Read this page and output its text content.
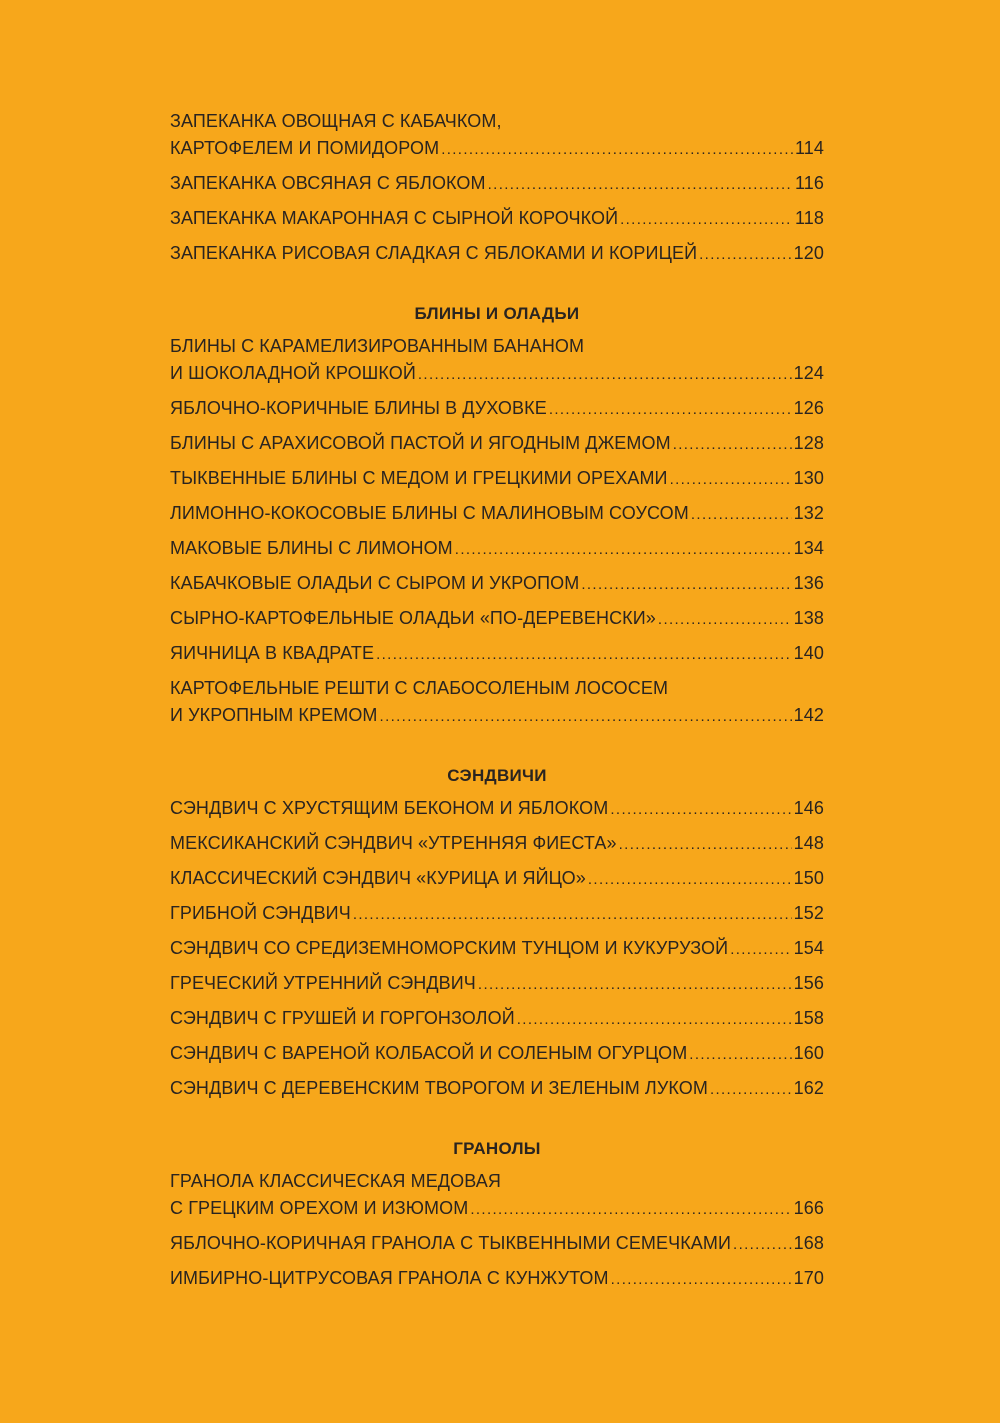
ЗАПЕКАНКА ОВОЩНАЯ С КАБАЧКОМ,
КАРТОФЕЛЕМ И ПОМИДОРОМ . . .	114
ЗАПЕКАНКА ОВСЯНАЯ С ЯБЛОКОМ . . .	116
ЗАПЕКАНКА МАКАРОННАЯ С СЫРНОЙ КОРОЧКОЙ . . .	118
ЗАПЕКАНКА РИСОВАЯ СЛАДКАЯ С ЯБЛОКАМИ И КОРИЦЕЙ . . .	120
БЛИНЫ И ОЛАДЬИ
БЛИНЫ С КАРАМЕЛИЗИРОВАННЫМ БАНАНОМ
И ШОКОЛАДНОЙ КРОШКОЙ . . .	124
ЯБЛОЧНО-КОРИЧНЫЕ БЛИНЫ В ДУХОВКЕ . . .	126
БЛИНЫ С АРАХИСОВОЙ ПАСТОЙ И ЯГОДНЫМ ДЖЕМОМ . . .	128
ТЫКВЕННЫЕ БЛИНЫ С МЕДОМ И ГРЕЦКИМИ ОРЕХАМИ . . .	130
ЛИМОННО-КОКОСОВЫЕ БЛИНЫ С МАЛИНОВЫМ СОУСОМ . . .	132
МАКОВЫЕ БЛИНЫ С ЛИМОНОМ . . .	134
КАБАЧКОВЫЕ ОЛАДЬИ С СЫРОМ И УКРОПОМ . . .	136
СЫРНО-КАРТОФЕЛЬНЫЕ ОЛАДЬИ «ПО-ДЕРЕВЕНСКИ» . . .	138
ЯИЧНИЦА В КВАДРАТЕ . . .	140
КАРТОФЕЛЬНЫЕ РЕШТИ С СЛАБОСОЛЕНЫМ ЛОСОСЕМ
И УКРОПНЫМ КРЕМОМ . . .	142
СЭНДВИЧИ
СЭНДВИЧ С ХРУСТЯЩИМ БЕКОНОМ И ЯБЛОКОМ . . .	146
МЕКСИКАНСКИЙ СЭНДВИЧ «УТРЕННЯЯ ФИЕСТА» . . .	148
КЛАССИЧЕСКИЙ СЭНДВИЧ «КУРИЦА И ЯЙЦО» . . .	150
ГРИБНОЙ СЭНДВИЧ . . .	152
СЭНДВИЧ СО СРЕДИЗЕМНОМОРСКИМ ТУНЦОМ И КУКУРУЗОЙ . . .	154
ГРЕЧЕСКИЙ УТРЕННИЙ СЭНДВИЧ . . .	156
СЭНДВИЧ С ГРУШЕЙ И ГОРГОНЗОЛОЙ . . .	158
СЭНДВИЧ С ВАРЕНОЙ КОЛБАСОЙ И СОЛЕНЫМ ОГУРЦОМ . . .	160
СЭНДВИЧ С ДЕРЕВЕНСКИМ ТВОРОГОМ И ЗЕЛЕНЫМ ЛУКОМ . . .	162
ГРАНОЛЫ
ГРАНОЛА КЛАССИЧЕСКАЯ МЕДОВАЯ
С ГРЕЦКИМ ОРЕХОМ И ИЗЮМОМ . . .	166
ЯБЛОЧНО-КОРИЧНАЯ ГРАНОЛА С ТЫКВЕННЫМИ СЕМЕЧКАМИ . . .	168
ИМБИРНО-ЦИТРУСОВАЯ ГРАНОЛА С КУНЖУТОМ . . .	170
